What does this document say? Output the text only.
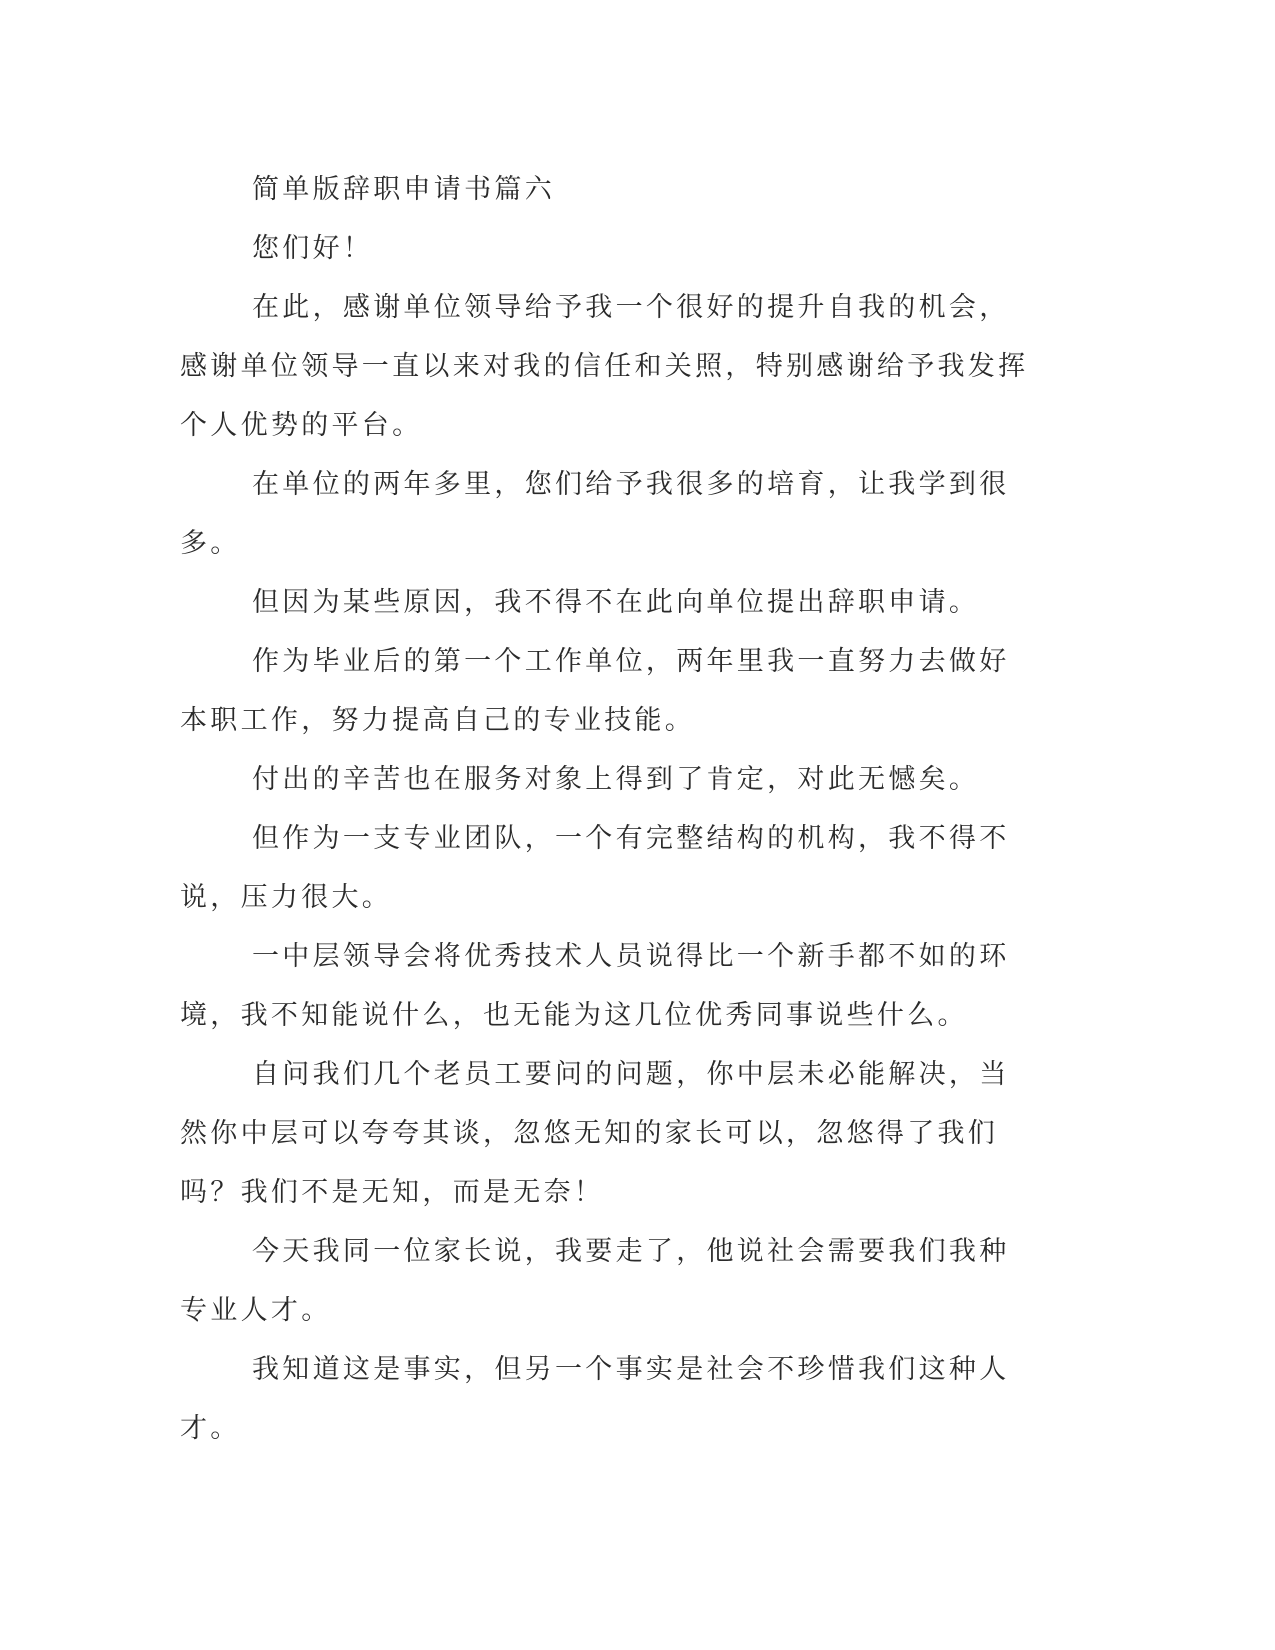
简单版辞职申请书篇六

您们好！

在此，感谢单位领导给予我一个很好的提升自我的机会，感谢单位领导一直以来对我的信任和关照，特别感谢给予我发挥个人优势的平台。

在单位的两年多里，您们给予我很多的培育，让我学到很多。

但因为某些原因，我不得不在此向单位提出辞职申请。

作为毕业后的第一个工作单位，两年里我一直努力去做好本职工作，努力提高自己的专业技能。

付出的辛苦也在服务对象上得到了肯定，对此无憾矣。

但作为一支专业团队，一个有完整结构的机构，我不得不说，压力很大。

一中层领导会将优秀技术人员说得比一个新手都不如的环境，我不知能说什么，也无能为这几位优秀同事说些什么。

自问我们几个老员工要问的问题，你中层未必能解决，当然你中层可以夸夸其谈，忽悠无知的家长可以，忽悠得了我们吗？我们不是无知，而是无奈！

今天我同一位家长说，我要走了，他说社会需要我们我种专业人才。

我知道这是事实，但另一个事实是社会不珍惜我们这种人才。
